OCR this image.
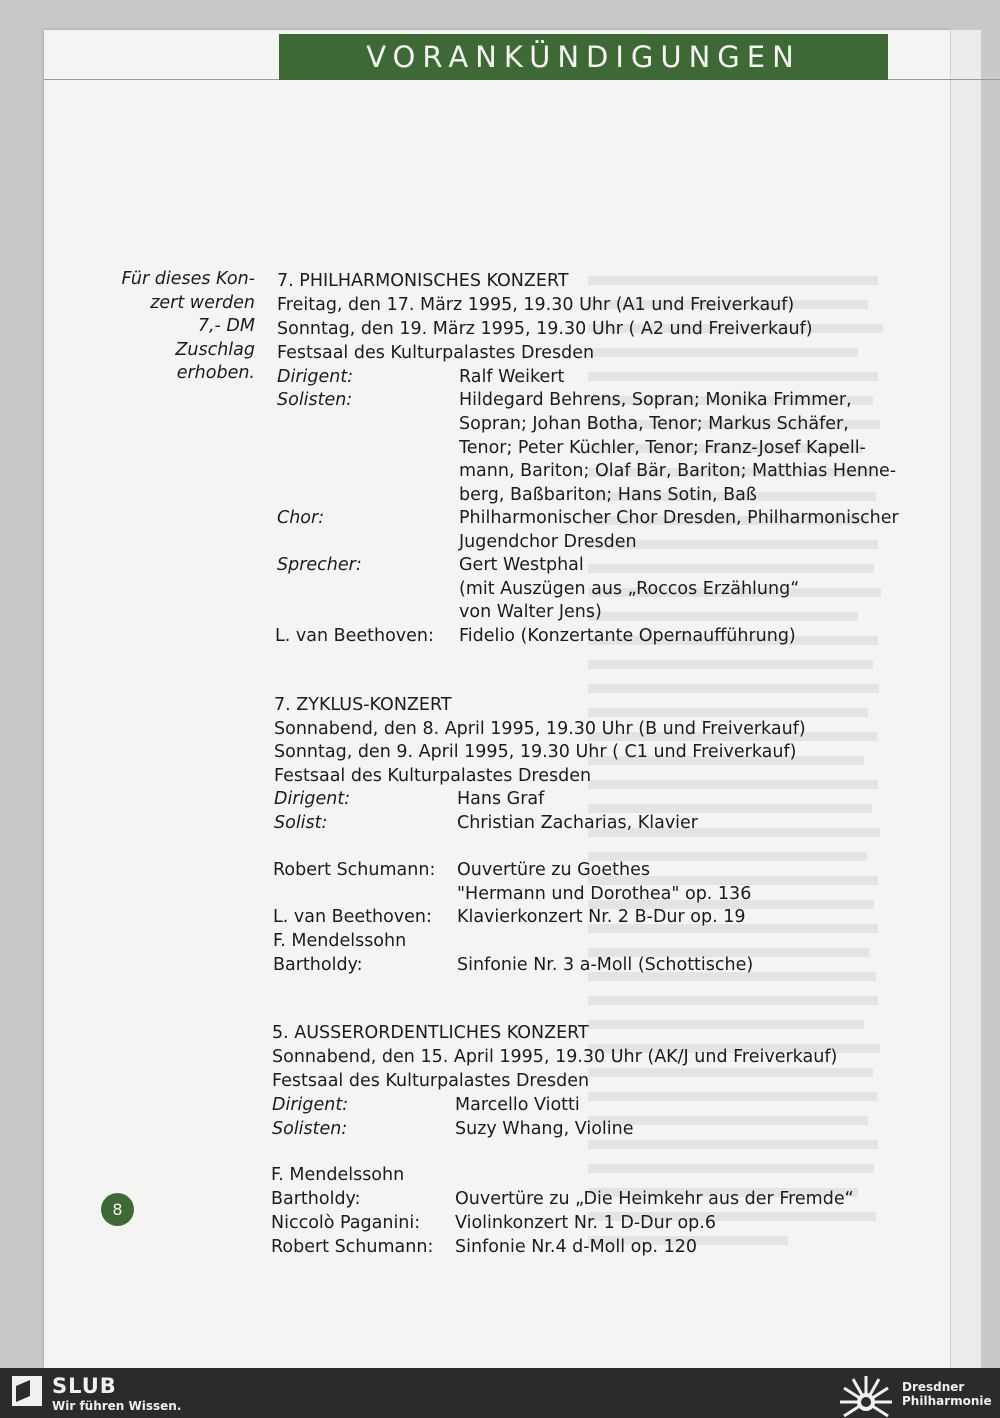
VORANKÜNDIGUNGEN
Für dieses Kon-
zert werden
7,- DM
Zuschlag
erhoben.
7. PHILHARMONISCHES KONZERT
Freitag, den 17. März 1995, 19.30 Uhr (A1 und Freiverkauf)
Sonntag, den 19. März 1995, 19.30 Uhr ( A2 und Freiverkauf)
Festsaal des Kulturpalastes Dresden
Dirigent:	Ralf Weikert
Solisten:	Hildegard Behrens, Sopran; Monika Frimmer,
Sopran; Johan Botha, Tenor; Markus Schäfer,
Tenor; Peter Küchler, Tenor; Franz-Josef Kapell-
mann, Bariton; Olaf Bär, Bariton; Matthias Henne-
berg, Baßbariton; Hans Sotin, Baß
Chor:	Philharmonischer Chor Dresden, Philharmonischer
Jugendchor Dresden
Sprecher:	Gert Westphal
(mit Auszügen aus „Roccos Erzählung“
von Walter Jens)
L. van Beethoven: Fidelio (Konzertante Opernaufführung)
7. ZYKLUS-KONZERT
Sonnabend, den 8. April 1995, 19.30 Uhr (B und Freiverkauf)
Sonntag, den 9. April 1995, 19.30 Uhr ( C1 und Freiverkauf)
Festsaal des Kulturpalastes Dresden
Dirigent:	Hans Graf
Solist:	Christian Zacharias, Klavier
Robert Schumann: Ouvertüre zu Goethes
"Hermann und Dorothea" op. 136
L. van Beethoven: Klavierkonzert Nr. 2 B-Dur op. 19
F. Mendelssohn
Bartholdy:	Sinfonie Nr. 3 a-Moll (Schottische)
5. AUSSERORDENTLICHES KONZERT
Sonnabend, den 15. April 1995, 19.30 Uhr (AK/J und Freiverkauf)
Festsaal des Kulturpalastes Dresden
Dirigent:	Marcello Viotti
Solisten:	Suzy Whang, Violine
F. Mendelssohn
Bartholdy:	Ouvertüre zu „Die Heimkehr aus der Fremde“
Niccolò Paganini: Violinkonzert Nr. 1 D-Dur op.6
Robert Schumann: Sinfonie Nr.4 d-Moll op. 120
8
SLUB
Wir führen Wissen.
Dresdner
Philharmonie
